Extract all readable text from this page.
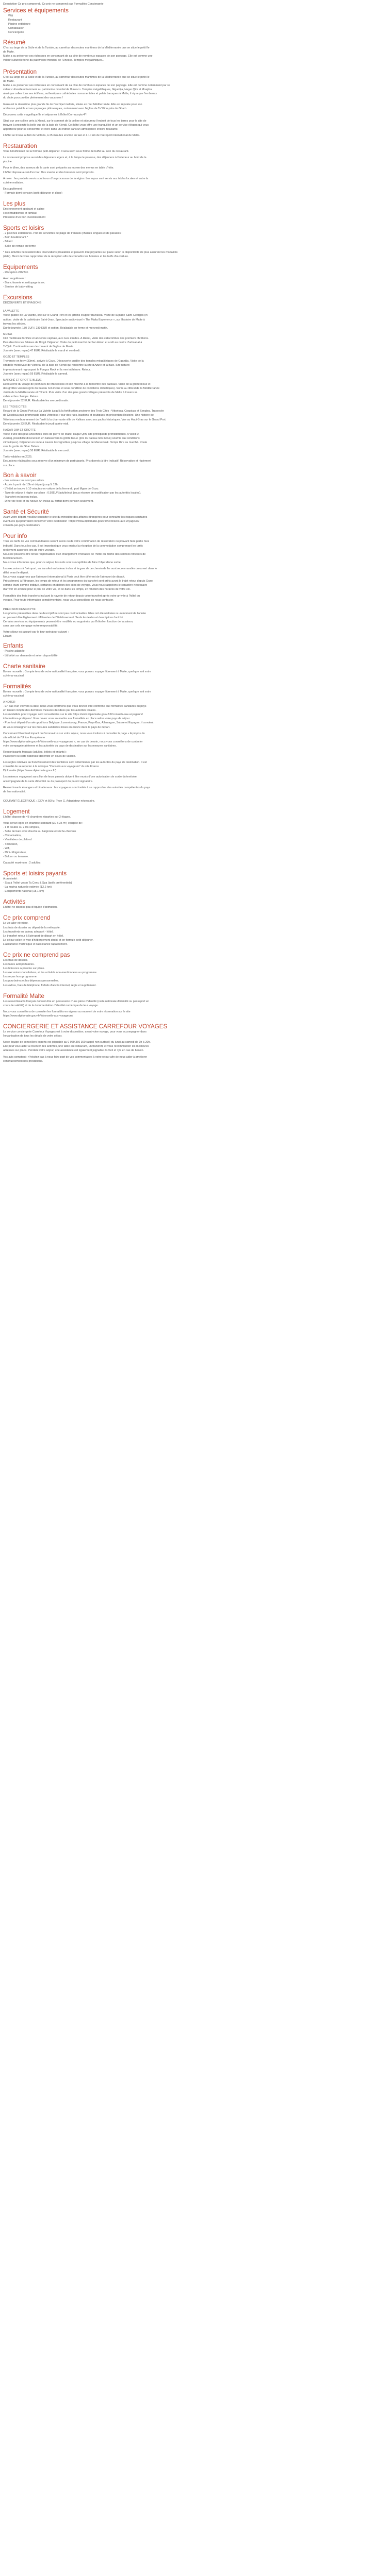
Description Ce prix comprend / Ce prix ne comprend pas Formalités Conciergerie
Services et équipements
Wifi
Restaurant
Piscine extérieure
Climatisation
Conciergerie
Résumé
C'est au large de la Sicile et de la Tunisie, au carrefour des routes maritimes de la Méditerranée que se situe le petit île
de Malte.
Malte a su préserver ses richesses en conservant de sa côte de nombreux espaces de son paysage. Elle est comme une
valeur culturelle forte du patrimoine mondial de l'Unesco. Temples mégalithiques...
Présentation
C'est au large de la Sicile et de la Tunisie, au carrefour des routes maritimes de la Méditerranée que se situe le petit île
de Malte.
Malte a su préserver ses richesses en conservant de sa côte de nombreux espaces de son paysage. Elle est comme notamment par sa
valeur culturelle notamment au patrimoine mondial de l'Unesco. Temples mégalithiques, Gigantija, Hagar Qim et Mnajdra
ainsi que celles tous ses édifices, authentiques cathédrales monumentales et palais baroques à Malte, il n'y a que l'embarras
du choix pour profiter pleinement des vacances !
Gozo est la deuxième plus grande île de l'archipel maltais, située en mer Méditerranée. Elle est réputée pour son
ambiance paisible et ses paysages pittoresques, notamment avec l'église de Ta' Pinu près de Gharb.
Découvrez cette magnifique île et séjournez à l'hôtel Cornucopia 4* !
Situé sur une colline près à Xlendi, sur le sommet de la colline et séjournez l'endroit de tous les terres pour le site de
trouvez à proximité la belle vue de la baie de Xlendi. Cet hôtel vous offre une tranquillité et un service élégant qui vous
apporterez pour se concentrer et vivre dans un endroit sans un atmosphère encore relaxante.
L'hôtel se trouve à 3km de Victoria, à 25 minutes environ en taxi et à 10 km de l'aéroport international de Malte.
Restauration
Vous bénéficierez de la formule petit-déjeuner. Il sera servi sous forme de buffet au sein du restaurant.
Le restaurant propose aussi des déjeuners légers et, à la lampe le paresse, des déjeuners à l'extérieur au bord de la
piscine.
Pour le dîner, des saveurs de la carte sont préparés au moyen des menus en table d'hôte.
L'hôtel dispose aussi d'un bar. Des snacks et des boissons sont proposés.
A noter : les produits servis sont issus d'un processus de la région. Les repas sont servis aux tables locales et entre la
cuisine maltaise.
En supplément :
- Formule demi-pension (petit-déjeuner et dîner)
Les plus
Environnement apaisant et calme
Hôtel traditionnel et familial
Présence d'un bon investissement
Sports et loisirs
- 2 piscines extérieures. Prêt de serviettes de plage de transats (chaises longues et de parasols !
- Bain bouillonnant *
- Billard
- Salle de remise en forme
* Ces activités nécessitent des réservations préalables et peuvent être payantes sur place selon la disponibilité de plus assurent les modalités
(date). Merci de vous rapprocher de la réception afin de connaître les horaires et les tarifs d'ouverture.
Equipements
- Réception 24h/24h
Avec supplément :
- Blanchisserie et nettoyage à sec
- Service de baby-sitting
Excursions
DÉCOUVERTE ET ÉVASIONS
LA VALETTE
Visite guidée de La Valette, site sur le Grand Port et les jardins d'Upper Barracca. Visite de la place Saint-Georges (in
option : visite de la cathédrale Saint-Jean. Spectacle audiovisuel « The Malta Experience », sur l'histoire de Malte à
travers les siècles.
Durée journée. 180 EUR / 230 EUR et option. Réalisable en ferme et mercredi matin.
MDINA
Cité médiévale fortifiée et ancienne capitale, aux rues étroites. A Rabat, visite des catacombes des premiers chrétiens.
Puis direction les falaises de Dingli. Déjeuner. Visite du petit marché de San Anton et arrêt au centre d'artisanat à
Ta'Qali. Continuation vers le couvent de l'église de Mosta.
Journée (avec repas) 47 EUR. Réalisable le mardi et vendredi.
GOZO ET TEMPLES
Traversée en ferry (30mn), arrivée à Gozo. Découverte guidée des temples mégalithiques de Ggantija. Visite de la
citadelle médiévale de Victoria, de la baie de Xlendi qui rencontre la cité d'Azure et la Baie. Site naturel
impressionnant regroupant le Fungus Rock et la mer intérieure. Retour.
Journée (avec repas) 59 EUR. Réalisable le samedi.
MARCHÉ ET GROTTE BLEUE
Découverte du village de pêcheurs de Marsaxlokk et son marché à la rencontre des bateaux. Visite de la grotte bleue et
des grottes voisines (prix du bateau non inclus et sous condition de conditions climatiques). Sortie au littoral de la Méditerranée
Jardin de la Méditerranée et l'Orient. Puis visite d'un des plus grands villages préservés de Malte à travers sa
vallée et les champs. Retour.
Demi-journée 32 EUR. Réalisable les mercredi matin.
LES TROIS CITÉS
Regard de la Grand Port sur La Valette jusqu'à la fortification ancienne des Trois Cités : Vittoriosa, Cospicua et Senglea. Traversée
de Cospicua puis promenade dans Vittoriosa : tour des rues, bastions et boutiques en présentant l'histoire. Une histoire de
Vittoriosa remboursement de l'arrêt à la charmante ville de Kalkara avec ses yachts historiques. Vue au Haut-Bras sur le Grand Port.
Demi-journée 33 EUR. Réalisable le jeudi après-midi.
HAGAR QIM ET GROTTE
Visite d'une des plus anciennes cités de pierre de Malte, Hagar Qim, site principal de préhistoriques. A Wied iz-
Zurrieq, possibilité d'excursion en bateau vers la grotte bleue (prix du bateau non inclus) soumis aux conditions
climatiques). Déjeuner en route à travers les vignobles jusqu'au village de Marsaxlokk. Temps libre au marché. Route
vers la grotte de Ghar Dalam.
Journée (avec repas) 58 EUR. Réalisable le mercredi.
Tarifs valables en 2025.
Excursions réalisables sous réserve d'un minimum de participants. Prix donnés à titre indicatif. Réservation et règlement
sur place.
Bon à savoir
- Les animaux ne sont pas admis.
- Accès à partir de 15h et départ jusqu'à 12h.
- L'hôtel se trouve à 10 minutes en voiture de la ferme du port Mgarr de Gozo.
- Taxe de séjour à régler sur place : 0.50EUR/adulte/nuit (sous réserve de modification par les autorités locales).
- Transfert en bateau inclus.
- Dîner de Noël et du Nouvel An inclus au forfait demi-pension seulement.
Santé et Sécurité
Avant votre départ, veuillez consulter le site du ministère des affaires étrangères pour connaître les risques sanitaires
éventuels qui pourraient concerner votre destination : https://www.diplomatie.gouv.fr/fr/conseils-aux-voyageurs/
conseils-par-pays-destination/
Pour info
Tous les tarifs de vos commanditaires seront suivis ou de votre confirmation de réservation ou pouvant faire partie fees
indicatif. Dans tous les cas, il est important que vous entriez la réception de la commodation comprenant les tarifs
réellement accordés lors de votre voyage.
Nous ne pouvons être tenus responsables d'un changement d'horaires de l'hôtel ou même des services hôteliers de
fonctionnement.
Nous vous informons que, pour ce séjour, les nuits sont susceptibles de faire l'objet d'une sortie.
Les excursions à l'aéroport, au transfert en bateau inclus et la gare de ce chemin de fer sont recommandés ou ouvert dans le
délai avant le départ.
Nous vous suggérons que l'aéroport international à Paris peut être différent de l'aéroport de départ.
Précisément, à l'étranger, les temps de retour et les programmes du transfert sont prêts avant le trajet retour depuis Gozo
comme étant comme indiqué, certaines en dehors des sites de voyage. Vous nous rappelons le caractère nécessaire
d'arriver en avance pour le prix de votre vol, et ce dans les temps, en fonction des horaires de votre vol.
Formalités des frais transferts incluant la navette de retour depuis votre transfert après votre arrivée à l'hôtel du
voyage. Pour toute information complémentaire, nous vous conseillons de nous contacter.
PRÉCISION DESCRIPTIF
Les photos présentées dans ce descriptif ne sont pas contractuelles. Elles ont été réalisées à un moment de l'année
ou peuvent être légèrement différentes de l'établissement. Seuls les textes et descriptions font foi.
Certains services ou équipements peuvent être modifiés ou supprimés par l'hôtel en fonction de la saison,
sans que cela n'engage notre responsabilité.
Votre séjour est assuré par le tour opérateur suivant :
Eleach
Enfants
- Piscine adaptée
- Lit bébé sur demande et selon disponibilité
Charte sanitaire
Bonne nouvelle : Compte tenu de votre nationalité française, vous pouvez voyager librement à Malte, quel que soit votre
schéma vaccinal.
Formalités
Bonne nouvelle : Compte tenu de votre nationalité française, vous pouvez voyager librement à Malte, quel que soit votre
schéma vaccinal.
A NOTER
- En cas d'un vol vers la date, nous vous informons que vous devrez être conforme aux formalités sanitaires du pays
en tenant compte des dernières mesures décidées par les autorités locales.
Les modalités pour voyager sont consultables sur le site https://www.diplomatie.gouv.fr/fr/conseils-aux-voyageurs/
informations-pratiques/. Vous devez vous soumettre aux formalités en place selon votre pays de séjour.
- Pour tout départ d'un aéroport hors Belgique, Luxembourg, France, Pays-Bas, Allemagne, Suisse et Espagne, il convient
de vous renseigner sur les mesures sanitaires mises en œuvre dans le pays de départ.
Concernant l'éventuel impact du Coronavirus sur votre séjour, nous vous invitons à consulter la page « A propos du
site officiel de l'Union Européenne :
https://www.diplomatie.gouv.fr/fr/conseils-aux-voyageurs/ », en cas de besoin, nous vous conseillons de contacter
votre compagnie aérienne et les autorités du pays de destination sur les mesures sanitaires.
Ressortissants français (adultes, bébés et enfants) :
Passeport ou carte nationale d'identité en cours de validité.
Les règles relatives au franchissement des frontières sont déterminées par les autorités du pays de destination. Il est
conseillé de se reporter à la rubrique "Conseils aux voyageurs" du site France
Diplomatie (https://www.diplomatie.gouv.fr/)
Les mineurs voyageant sans l'un de leurs parents doivent être munis d'une autorisation de sortie du territoire
accompagnée de la carte d'identité ou du passeport du parent signataire.
Ressortissants étrangers et binationaux : les voyageurs sont invités à se rapprocher des autorités compétentes du pays
de leur nationalité.
COURANT ÉLECTRIQUE : 230V et 50Hz. Type G. Adaptateur nécessaire.
Logement
L'hôtel dispose de 48 chambres réparties sur 2 étages.
Vous serez logés en chambre standard (30 à 35 m²) équipée de :
- 1 lit double ou 2 lits simples,
- Salle de bain avec douche ou baignoire et sèche-cheveux
- Climatisation,
- Ventilateur de plafond
- Télévision,
- Wifi,
- Mini-réfrigérateur,
- Balcon ou terrasse.
Capacité maximum : 2 adultes
Sports et loisirs payants
A proximité :
- Spa à l'hôtel voisin Ta Cenc & Spa (tarifs préférentiels)
- La marina naturelle estimée (12,2 km)
- Equipements national (18,1 km)
Activités
L'hôtel ne dispose pas d'équipe d'animation.
Ce prix comprend
Le vol aller et retour.
Les frais de dossier au départ de la métropole.
Les transferts en bateau aéroport - hôtel.
Le transfert retour à l'aéroport de départ en hôtel.
Le séjour selon le type d'hébergement choisi et en formule petit-déjeuner.
L'assurance multirisque et l'assistance rapatriement.
Ce prix ne comprend pas
Les frais de dossier.
Les taxes aéroportuaires.
Les boissons à prendre sur place.
Les excursions facultatives, et les activités non-mentionnées au programme.
Les repas hors programme.
Les pourboires et les dépenses personnelles.
Les extras, frais de téléphone, forfaits d'accès internet, régie et supplément.
Formalité Malte
Les ressortissants français doivent être en possession d'une pièce d'identité (carte nationale d'identité ou passeport en
cours de validité) et de la documentation d'identité numérique de leur voyage.
Nous vous conseillons de consulter les formalités en vigueur au moment de votre réservation sur le site
https://www.diplomatie.gouv.fr/fr/conseils-aux-voyageurs/
CONCIERGERIE ET ASSISTANCE CARREFOUR VOYAGES
Le service conciergerie Carrefour Voyages est à votre disposition, avant votre voyage, pour vous accompagner dans
l'organisation de tous les détails de votre séjour.
Notre équipe de conseillers experts est joignable au 0 969 360 360 (appel non surtaxé) du lundi au samedi de 9h à 20h.
Elle peut vous aider à réserver des activités, une table au restaurant, un transfert, et vous recommander les meilleures
adresses sur place. Pendant votre séjour, une assistance est également joignable 24h/24 et 7j/7 en cas de besoin.
Vos avis comptent : n'hésitez pas à nous faire part de vos commentaires à votre retour afin de nous aider à améliorer
continuellement nos prestations.
